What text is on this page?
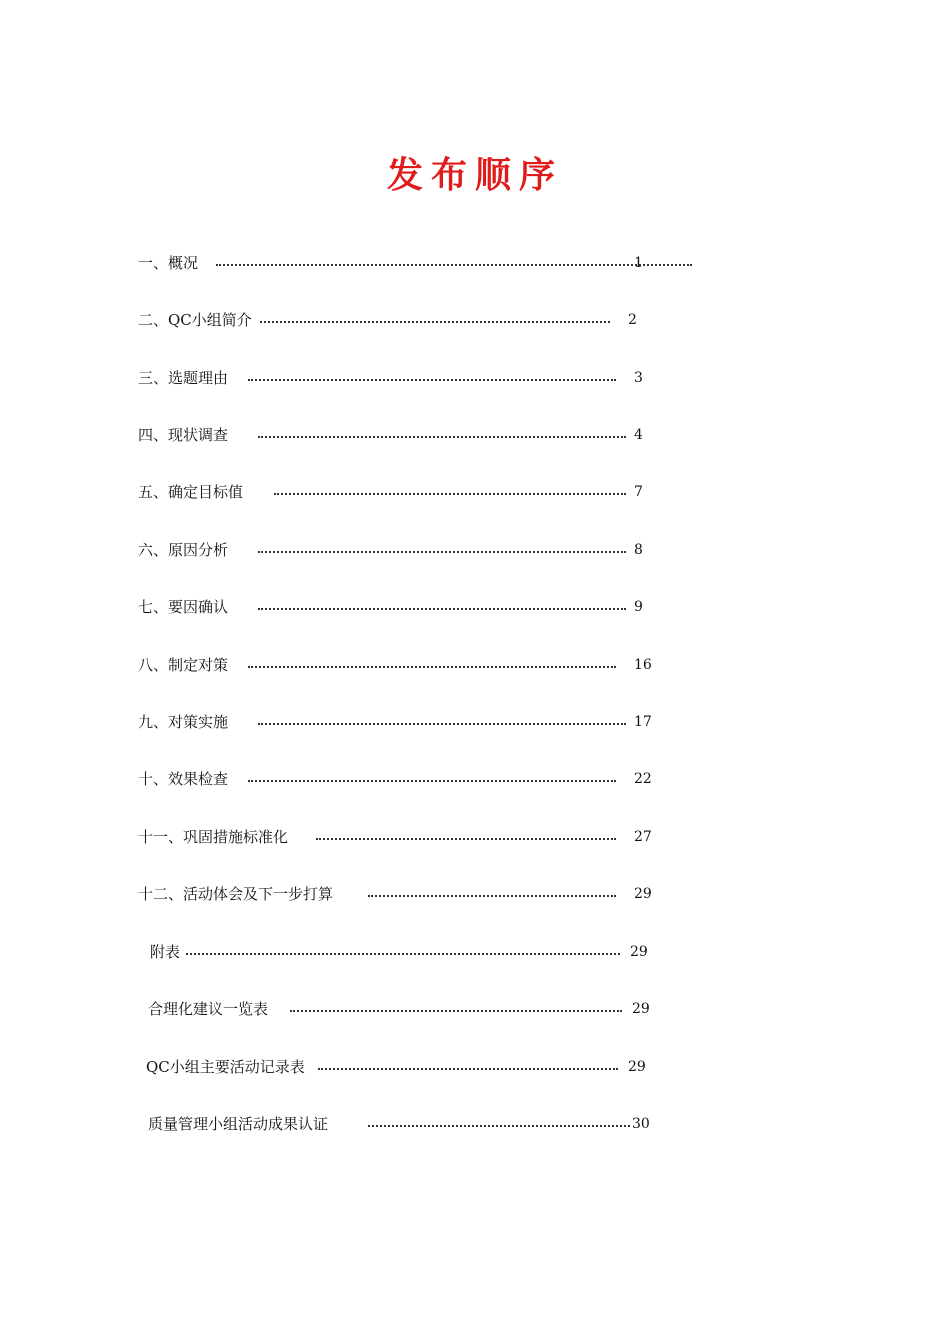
发布顺序
一、概况	1
二、QC小组简介	2
三、选题理由	3
四、现状调查	4
五、确定目标值	7
六、原因分析	8
七、要因确认	9
八、制定对策	16
九、对策实施	17
十、效果检查	22
十一、巩固措施标准化	27
十二、活动体会及下一步打算	29
附表	29
合理化建议一览表	29
QC小组主要活动记录表	29
质量管理小组活动成果认证	30
